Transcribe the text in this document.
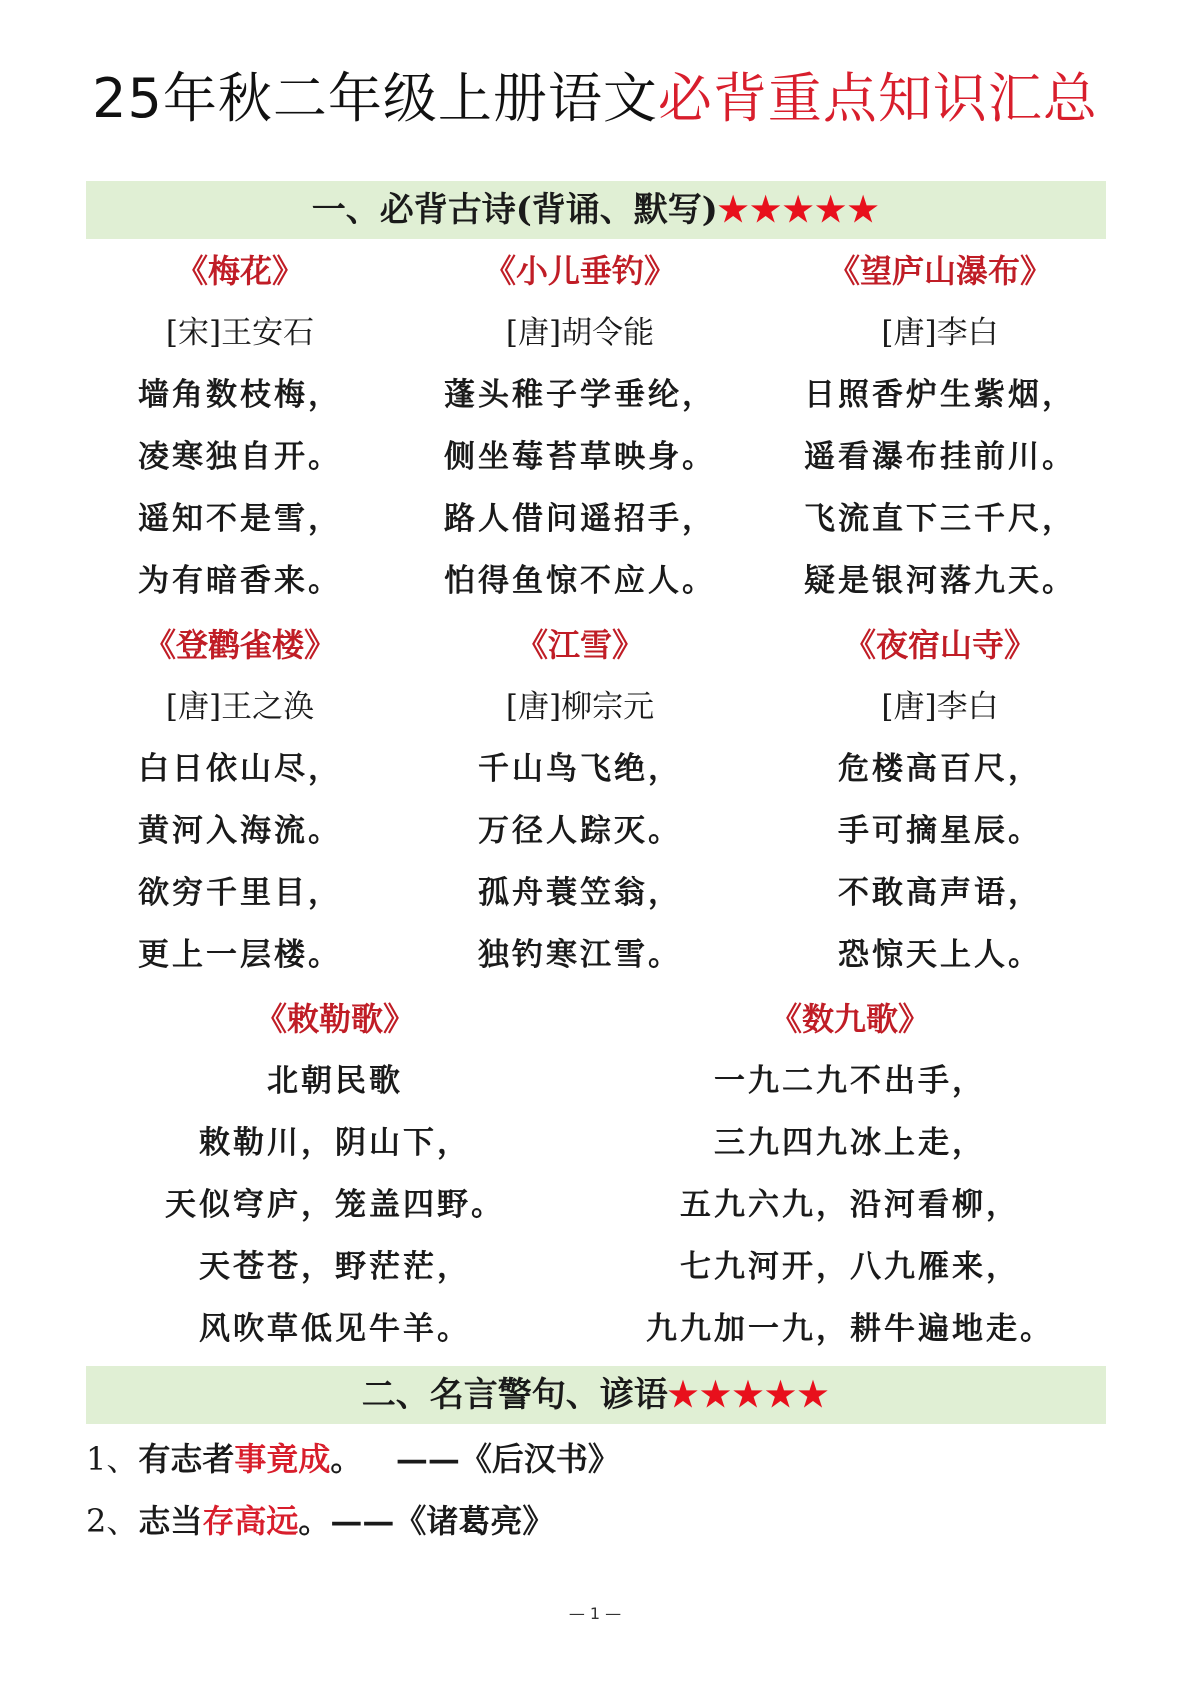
25年秋二年级上册语文必背重点知识汇总
一、必背古诗(背诵、默写)★★★★★
《梅花》
[宋]王安石
墙角数枝梅，
凌寒独自开。
遥知不是雪，
为有暗香来。
《小儿垂钓》
[唐]胡令能
蓬头稚子学垂纶，
侧坐莓苔草映身。
路人借问遥招手，
怕得鱼惊不应人。
《望庐山瀑布》
[唐]李白
日照香炉生紫烟，
遥看瀑布挂前川。
飞流直下三千尺，
疑是银河落九天。
《登鹳雀楼》
[唐]王之涣
白日依山尽，
黄河入海流。
欲穷千里目，
更上一层楼。
《江雪》
[唐]柳宗元
千山鸟飞绝，
万径人踪灭。
孤舟蓑笠翁，
独钓寒江雪。
《夜宿山寺》
[唐]李白
危楼高百尺，
手可摘星辰。
不敢高声语，
恐惊天上人。
《敕勒歌》
北朝民歌
敕勒川，阴山下，
天似穹庐，笼盖四野。
天苍苍，野茫茫，
风吹草低见牛羊。
《数九歌》
一九二九不出手，
三九四九冰上走，
五九六九，沿河看柳，
七九河开，八九雁来，
九九加一九，耕牛遍地走。
二、名言警句、谚语★★★★★
1、有志者事竟成。   ——《后汉书》
2、志当存高远。——《诸葛亮》
— 1 —
